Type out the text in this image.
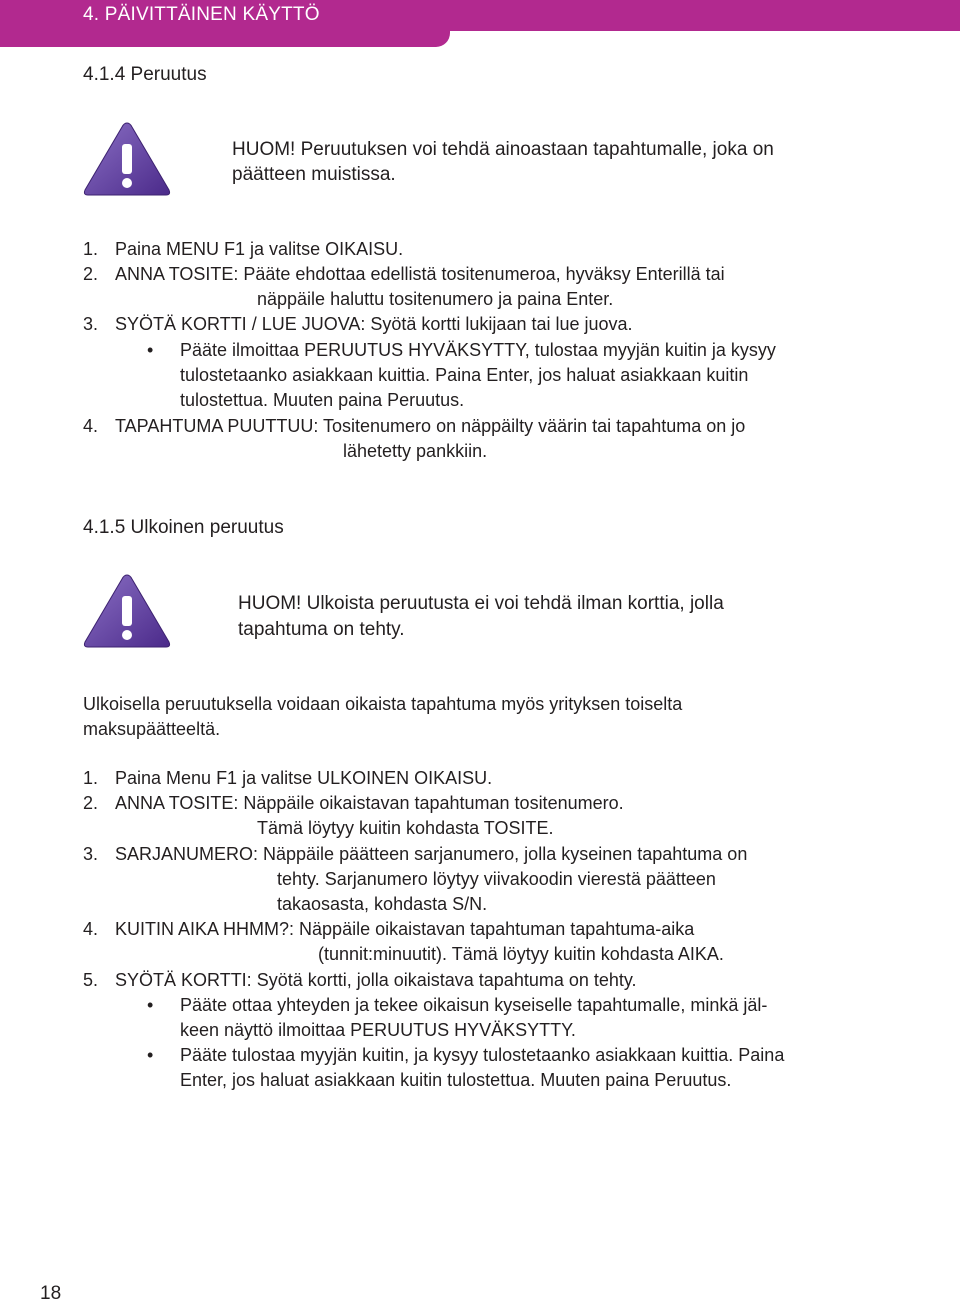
4. PÄIVITTÄINEN KÄYTTÖ
4.1.4 Peruutus
HUOM! Peruutuksen voi tehdä ainoastaan tapahtumalle, joka on
päätteen muistissa.
1. Paina MENU F1 ja valitse OIKAISU.
2. ANNA TOSITE: Pääte ehdottaa edellistä tositenumeroa, hyväksy Enterillä tai
näppäile haluttu tositenumero ja paina Enter.
3. SYÖTÄ KORTTI / LUE JUOVA: Syötä kortti lukijaan tai lue juova.
• Pääte ilmoittaa PERUUTUS HYVÄKSYTTY, tulostaa myyjän kuitin ja kysyy
tulostetaanko asiakkaan kuittia. Paina Enter, jos haluat asiakkaan kuitin
tulostettua. Muuten paina Peruutus.
4. TAPAHTUMA PUUTTUU: Tositenumero on näppäilty väärin tai tapahtuma on jo
lähetetty pankkiin.
4.1.5 Ulkoinen peruutus
HUOM! Ulkoista peruutusta ei voi tehdä ilman korttia, jolla
tapahtuma on tehty.
Ulkoisella peruutuksella voidaan oikaista tapahtuma myös yrityksen toiselta
maksupäätteeltä.
1. Paina Menu F1 ja valitse ULKOINEN OIKAISU.
2. ANNA TOSITE: Näppäile oikaistavan tapahtuman tositenumero.
Tämä löytyy kuitin kohdasta TOSITE.
3. SARJANUMERO: Näppäile päätteen sarjanumero, jolla kyseinen tapahtuma on
tehty. Sarjanumero löytyy viivakoodin vierestä päätteen
takaosasta, kohdasta S/N.
4. KUITIN AIKA HHMM?: Näppäile oikaistavan tapahtuman tapahtuma-aika
(tunnit:minuutit). Tämä löytyy kuitin kohdasta AIKA.
5. SYÖTÄ KORTTI: Syötä kortti, jolla oikaistava tapahtuma on tehty.
• Pääte ottaa yhteyden ja tekee oikaisun kyseiselle tapahtumalle, minkä jäl-
keen näyttö ilmoittaa PERUUTUS HYVÄKSYTTY.
• Pääte tulostaa myyjän kuitin, ja kysyy tulostetaanko asiakkaan kuittia. Paina
Enter, jos haluat asiakkaan kuitin tulostettua. Muuten paina Peruutus.
18
